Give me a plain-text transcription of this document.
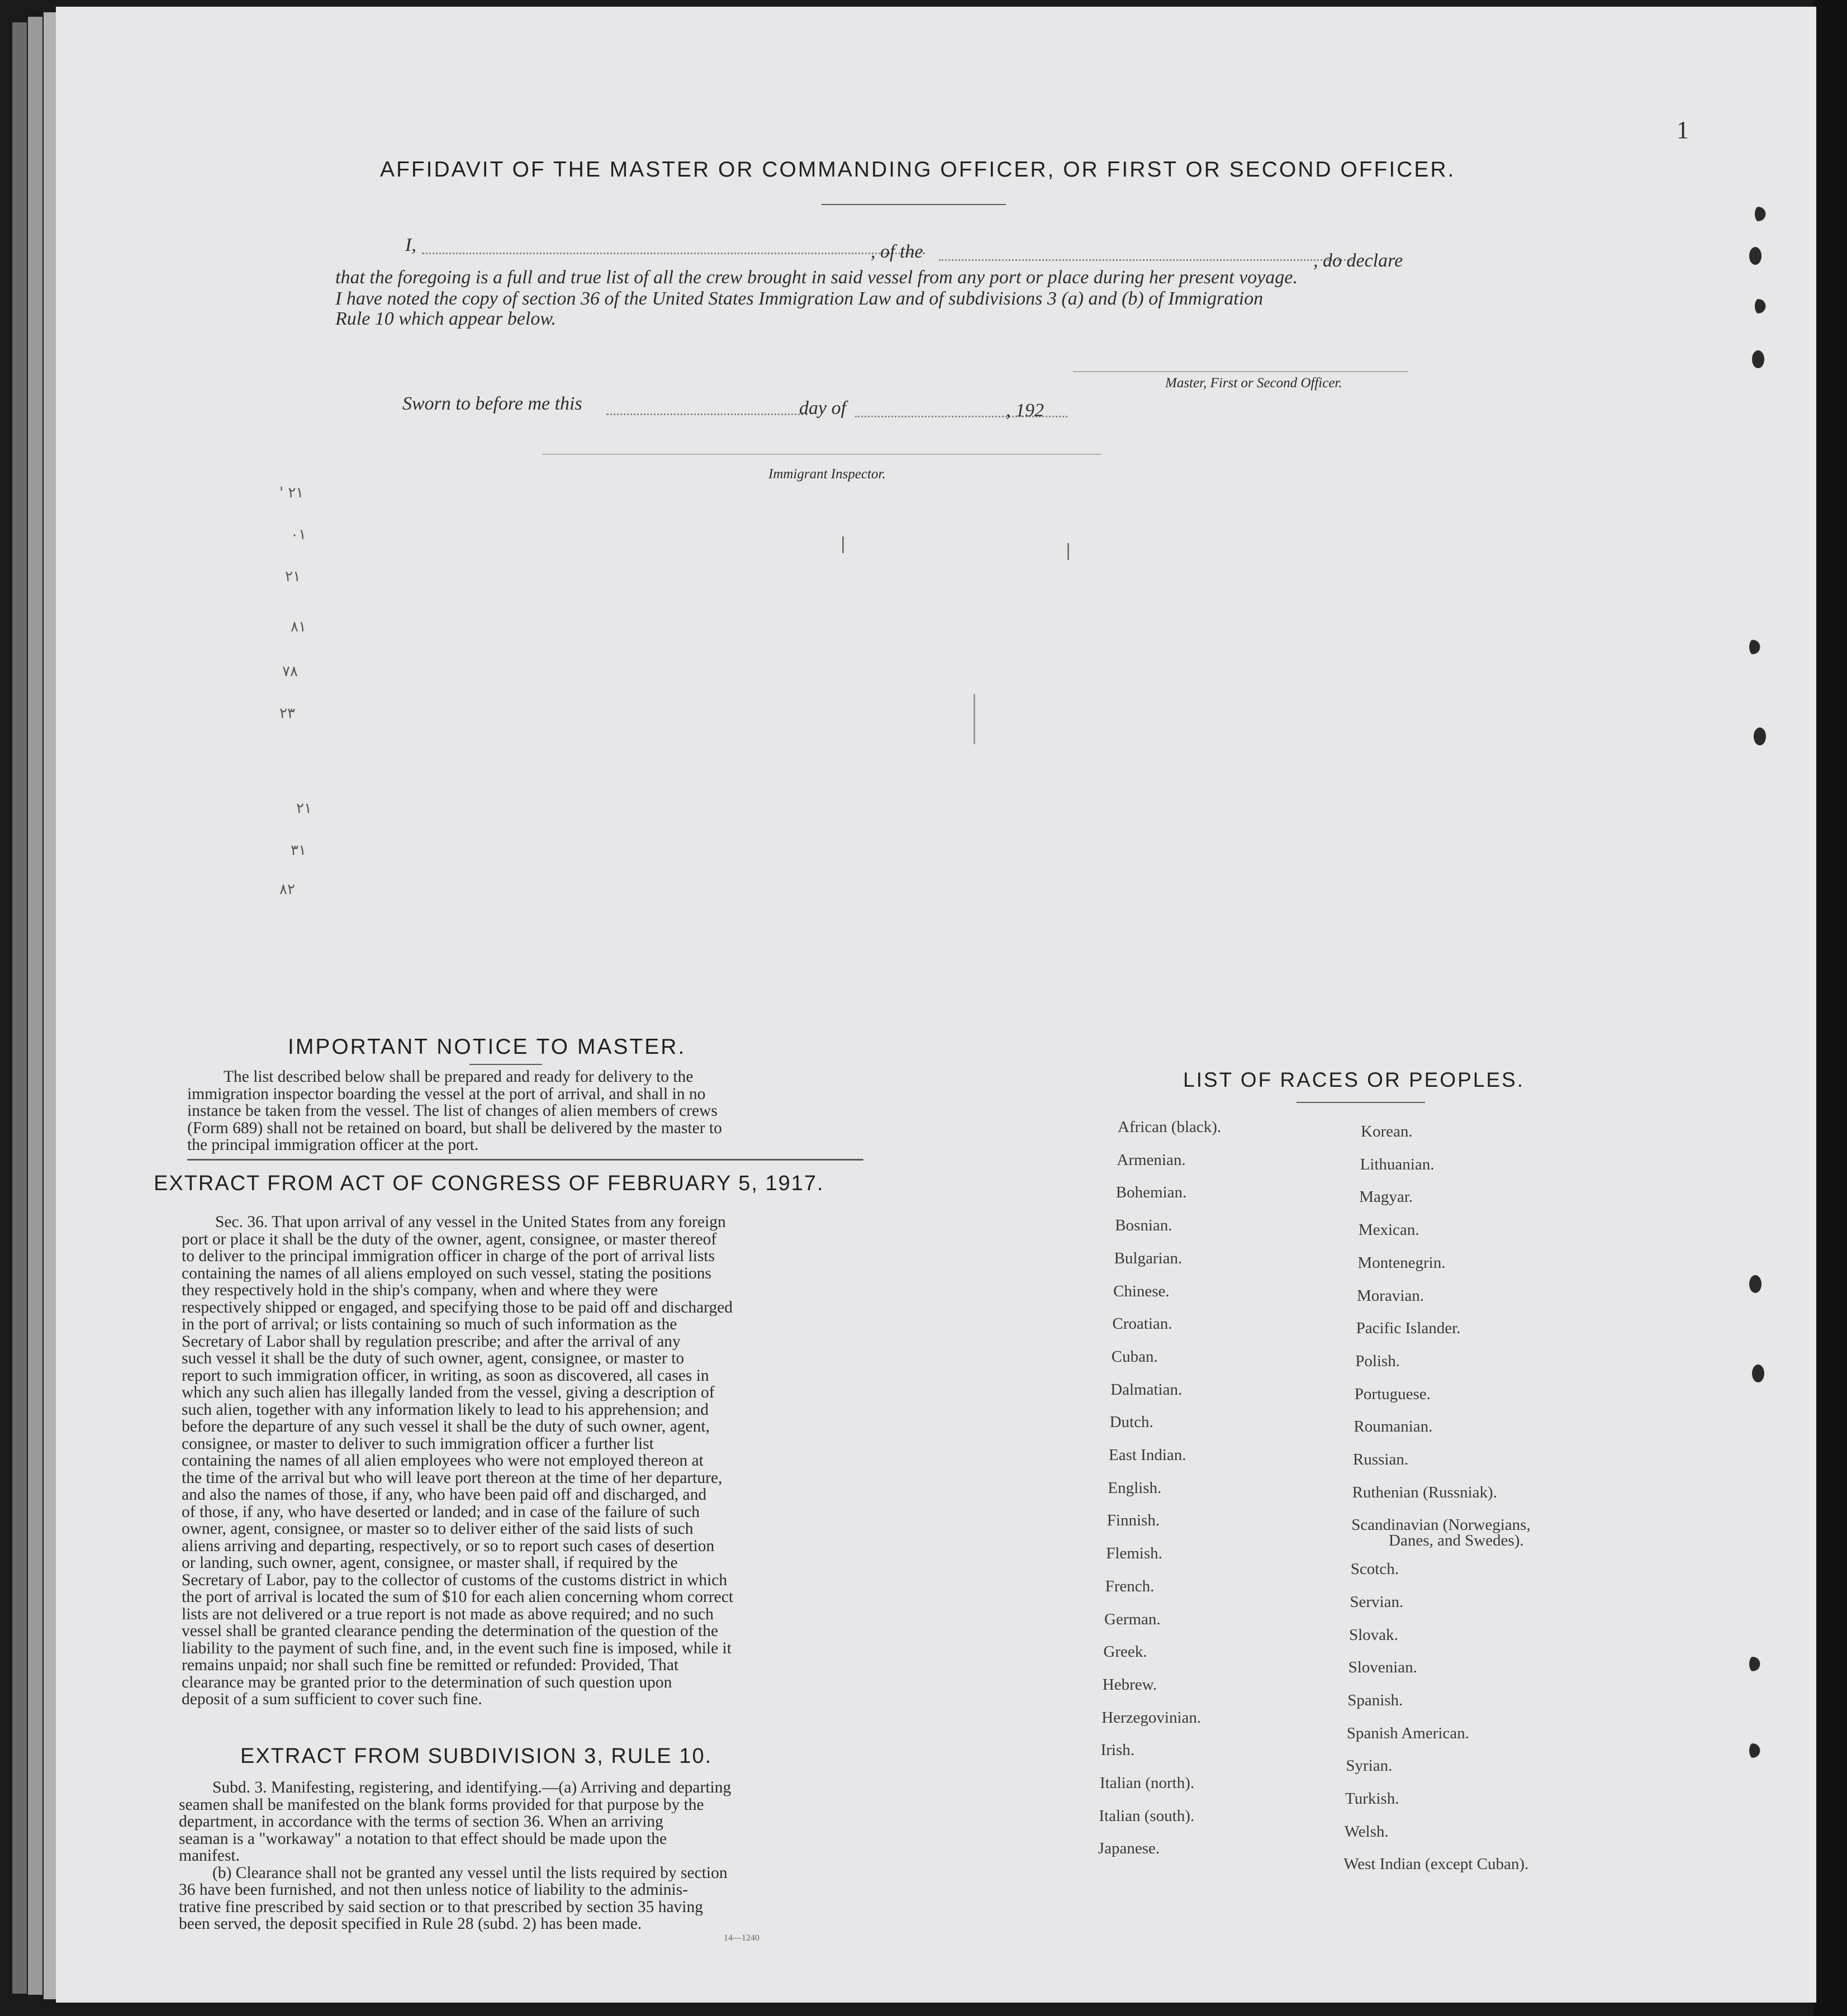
1
AFFIDAVIT OF THE MASTER OR COMMANDING OFFICER, OR FIRST OR SECOND OFFICER.
I,	, of the	, do declare
that the foregoing is a full and true list of all the crew brought in said vessel from any port or place during her present voyage.
I have noted the copy of section 36 of the United States Immigration Law and of subdivisions 3 (a) and (b) of Immigration
Rule 10 which appear below.
Master, First or Second Officer.
Sworn to before me this	day of	, 192
Immigrant Inspector.
' ٢١
٠١
٢١
٨١
٧٨
٢٣
٢١
٣١
٨٢
IMPORTANT NOTICE TO MASTER.
The list described below shall be prepared and ready for delivery to the
immigration inspector boarding the vessel at the port of arrival, and shall in no
instance be taken from the vessel. The list of changes of alien members of crews
(Form 689) shall not be retained on board, but shall be delivered by the master to
the principal immigration officer at the port.
EXTRACT FROM ACT OF CONGRESS OF FEBRUARY 5, 1917.
Sec. 36. That upon arrival of any vessel in the United States from any foreign
port or place it shall be the duty of the owner, agent, consignee, or master thereof
to deliver to the principal immigration officer in charge of the port of arrival lists
containing the names of all aliens employed on such vessel, stating the positions
they respectively hold in the ship's company, when and where they were
respectively shipped or engaged, and specifying those to be paid off and discharged
in the port of arrival; or lists containing so much of such information as the
Secretary of Labor shall by regulation prescribe; and after the arrival of any
such vessel it shall be the duty of such owner, agent, consignee, or master to
report to such immigration officer, in writing, as soon as discovered, all cases in
which any such alien has illegally landed from the vessel, giving a description of
such alien, together with any information likely to lead to his apprehension; and
before the departure of any such vessel it shall be the duty of such owner, agent,
consignee, or master to deliver to such immigration officer a further list
containing the names of all alien employees who were not employed thereon at
the time of the arrival but who will leave port thereon at the time of her departure,
and also the names of those, if any, who have been paid off and discharged, and
of those, if any, who have deserted or landed; and in case of the failure of such
owner, agent, consignee, or master so to deliver either of the said lists of such
aliens arriving and departing, respectively, or so to report such cases of desertion
or landing, such owner, agent, consignee, or master shall, if required by the
Secretary of Labor, pay to the collector of customs of the customs district in which
the port of arrival is located the sum of $10 for each alien concerning whom correct
lists are not delivered or a true report is not made as above required; and no such
vessel shall be granted clearance pending the determination of the question of the
liability to the payment of such fine, and, in the event such fine is imposed, while it
remains unpaid; nor shall such fine be remitted or refunded: Provided, That
clearance may be granted prior to the determination of such question upon
deposit of a sum sufficient to cover such fine.
EXTRACT FROM SUBDIVISION 3, RULE 10.
Subd. 3. Manifesting, registering, and identifying.—(a) Arriving and departing
seamen shall be manifested on the blank forms provided for that purpose by the
department, in accordance with the terms of section 36. When an arriving
seaman is a "workaway" a notation to that effect should be made upon the
manifest.
(b) Clearance shall not be granted any vessel until the lists required by section
36 have been furnished, and not then unless notice of liability to the adminis-
trative fine prescribed by said section or to that prescribed by section 35 having
been served, the deposit specified in Rule 28 (subd. 2) has been made.
14—1240
LIST OF RACES OR PEOPLES.
African (black).
Armenian.
Bohemian.
Bosnian.
Bulgarian.
Chinese.
Croatian.
Cuban.
Dalmatian.
Dutch.
East Indian.
English.
Finnish.
Flemish.
French.
German.
Greek.
Hebrew.
Herzegovinian.
Irish.
Italian (north).
Italian (south).
Japanese.
Korean.
Lithuanian.
Magyar.
Mexican.
Montenegrin.
Moravian.
Pacific Islander.
Polish.
Portuguese.
Roumanian.
Russian.
Ruthenian (Russniak).
Scandinavian (Norwegians,
Scotch.
Servian.
Slovak.
Slovenian.
Spanish.
Spanish American.
Syrian.
Turkish.
Welsh.
West Indian (except Cuban).
Danes, and Swedes).
